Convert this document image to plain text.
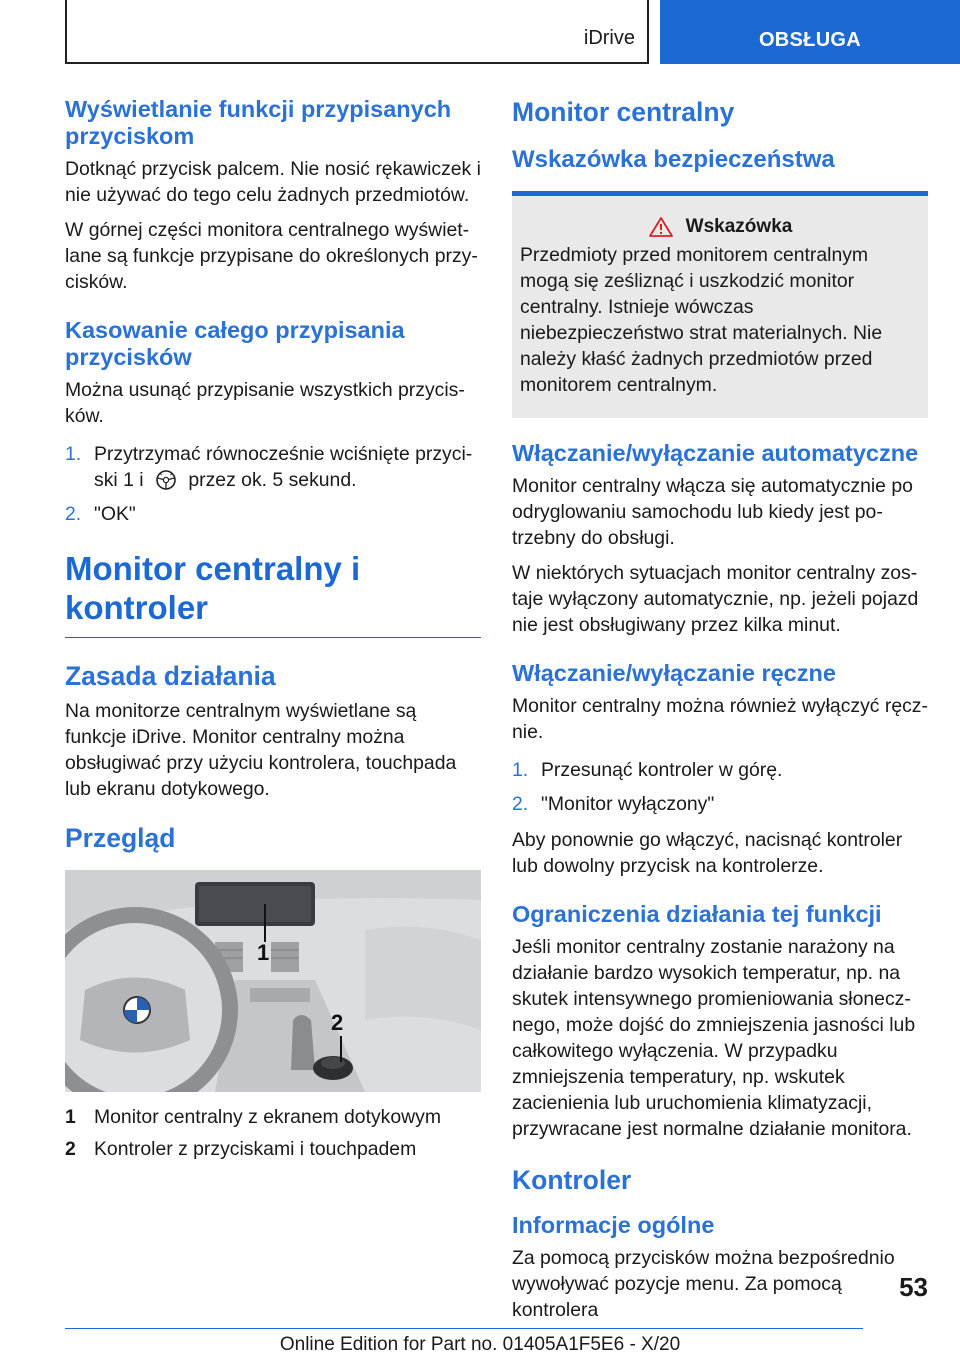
iDrive	OBSŁUGA
Wyświetlanie funkcji przypisanych przyciskom

Dotknąć przycisk palcem. Nie nosić rękawiczek i nie używać do tego celu żadnych przedmiotów.

W górnej części monitora centralnego wyświetlane są funkcje przypisane do określonych przycisków.

Kasowanie całego przypisania przycisków

Można usunąć przypisanie wszystkich przycisków.

1. Przytrzymać równocześnie wciśnięte przyciski 1 i przez ok. 5 sekund.
2. "OK"
Monitor centralny i kontroler
Zasada działania

Na monitorze centralnym wyświetlane są funkcje iDrive. Monitor centralny można obsługiwać przy użyciu kontrolera, touchpada lub ekranu dotykowego.

Przegląd
1
2
1 Monitor centralny z ekranem dotykowym
2 Kontroler z przyciskami i touchpadem
Monitor centralny
Wskazówka bezpieczeństwa
Wskazówka

Przedmioty przed monitorem centralnym mogą się ześliznąć i uszkodzić monitor centralny. Istnieje wówczas niebezpieczeństwo strat materialnych. Nie należy kłaść żadnych przedmiotów przed monitorem centralnym.

Włączanie/wyłączanie automatyczne

Monitor centralny włącza się automatycznie po odryglowaniu samochodu lub kiedy jest potrzebny do obsługi.

W niektórych sytuacjach monitor centralny zostaje wyłączony automatycznie, np. jeżeli pojazd nie jest obsługiwany przez kilka minut.

Włączanie/wyłączanie ręczne

Monitor centralny można również wyłączyć ręcznie.

1. Przesunąć kontroler w górę.
2. "Monitor wyłączony"

Aby ponownie go włączyć, nacisnąć kontroler lub dowolny przycisk na kontrolerze.

Ograniczenia działania tej funkcji

Jeśli monitor centralny zostanie narażony na działanie bardzo wysokich temperatur, np. na skutek intensywnego promieniowania słonecznego, może dojść do zmniejszenia jasności lub całkowitego wyłączenia. W przypadku zmniejszenia temperatury, np. wskutek zacienienia lub uruchomienia klimatyzacji, przywracane jest normalne działanie monitora.

Kontroler
Informacje ogólne

Za pomocą przycisków można bezpośrednio wywoływać pozycje menu. Za pomocą kontrolera

53
Online Edition for Part no. 01405A1F5E6 - X/20
